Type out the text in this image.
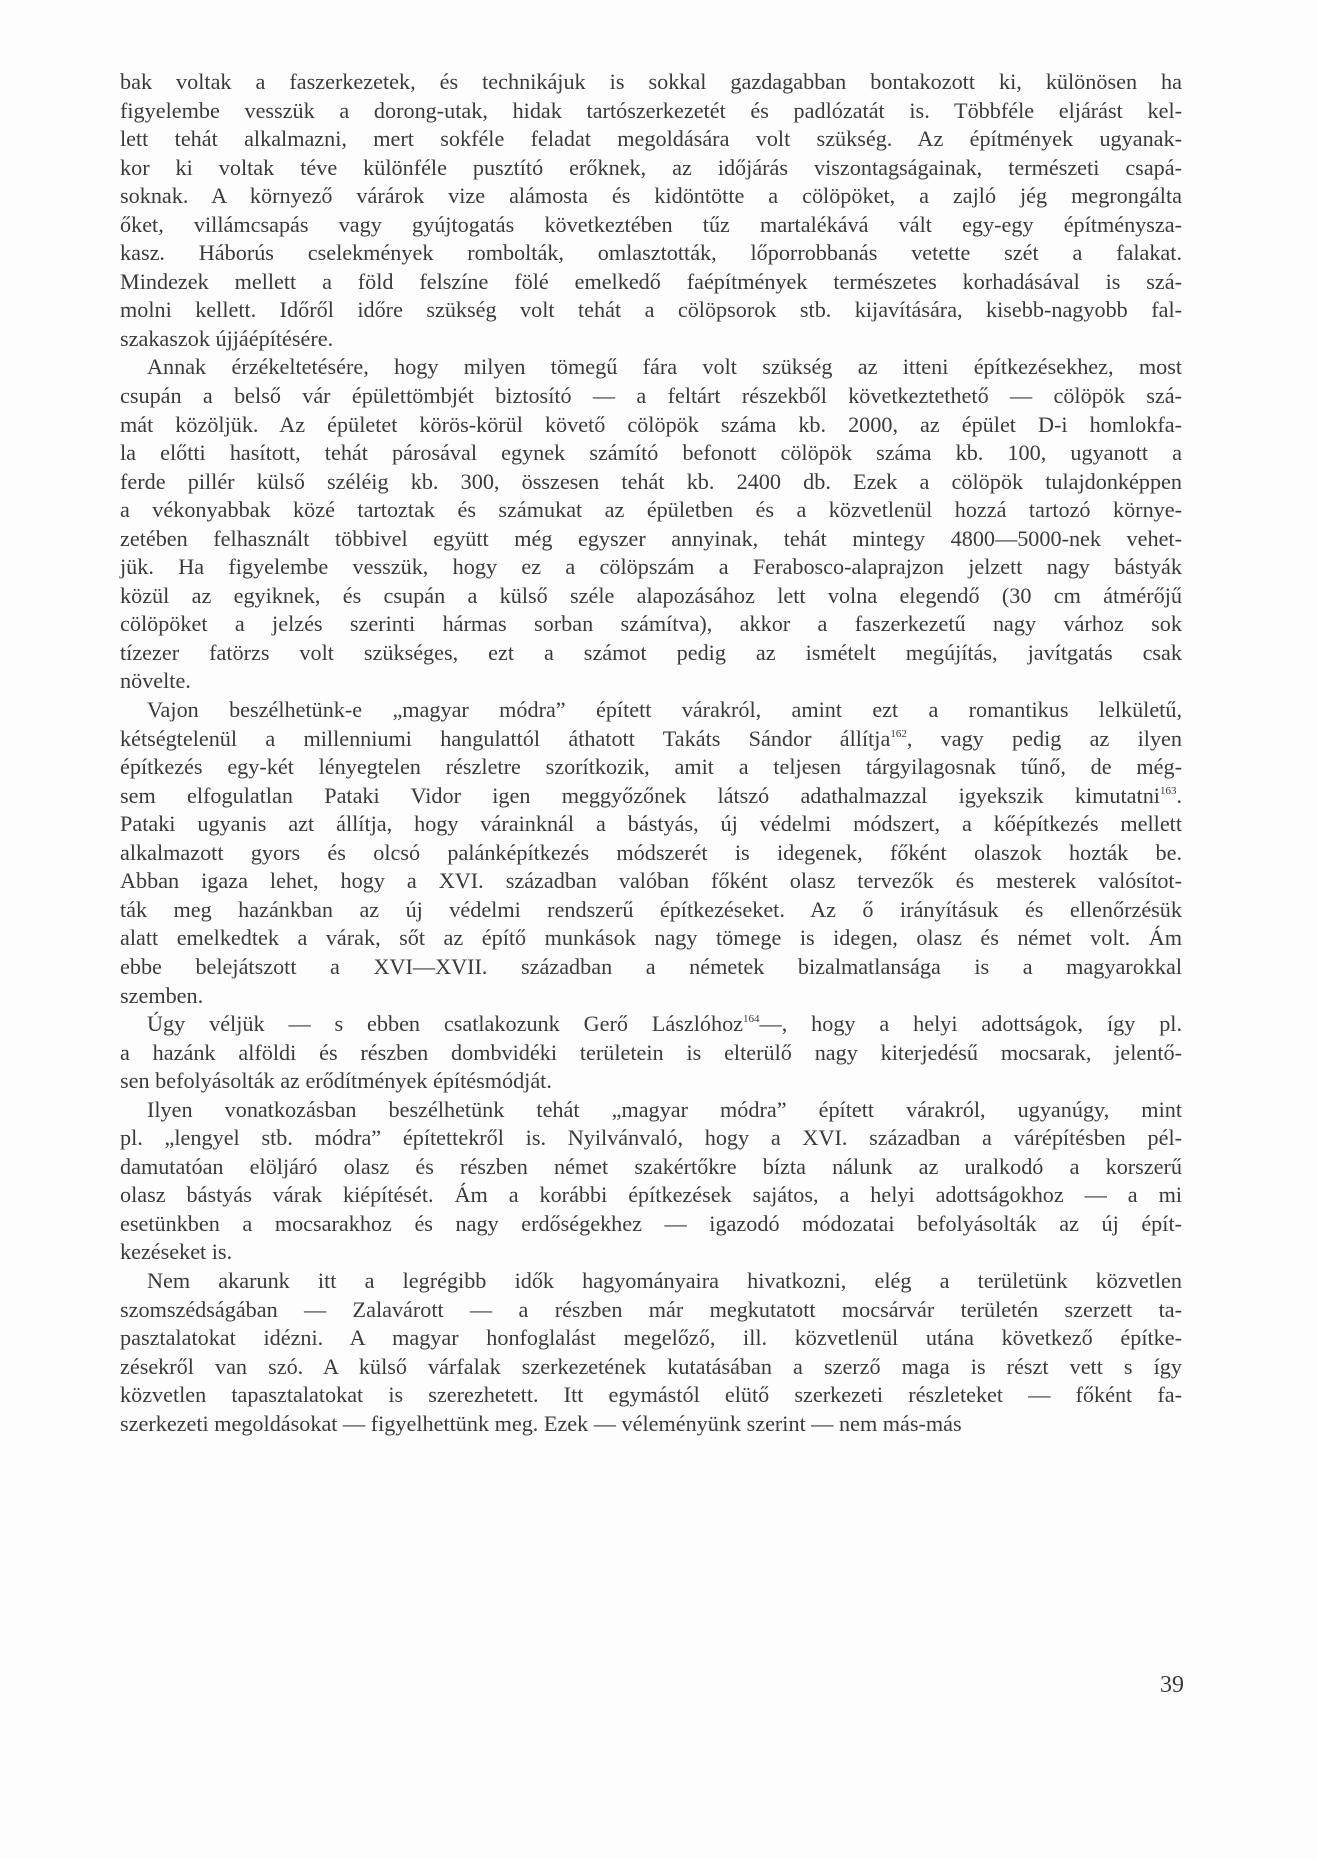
bak voltak a faszerkezetek, és technikájuk is sokkal gazdagabban bontakozott ki, különösen ha
figyelembe vesszük a dorong-utak, hidak tartószerkezetét és padlózatát is. Többféle eljárást kel-
lett tehát alkalmazni, mert sokféle feladat megoldására volt szükség. Az építmények ugyanak-
kor ki voltak téve különféle pusztító erőknek, az időjárás viszontagságainak, természeti csapá-
soknak. A környező várárok vize alámosta és kidöntötte a cölöpöket, a zajló jég megrongálta
őket, villámcsapás vagy gyújtogatás következtében tűz martalékává vált egy-egy építménysza-
kasz. Háborús cselekmények rombolták, omlasztották, lőporrobbanás vetette szét a falakat.
Mindezek mellett a föld felszíne fölé emelkedő faépítmények természetes korhadásával is szá-
molni kellett. Időről időre szükség volt tehát a cölöpsorok stb. kijavítására, kisebb-nagyobb fal-
szakaszok újjáépítésére.
Annak érzékeltetésére, hogy milyen tömegű fára volt szükség az itteni építkezésekhez, most
csupán a belső vár épülettömbjét biztosító — a feltárt részekből következtethető — cölöpök szá-
mát közöljük. Az épületet körös-körül követő cölöpök száma kb. 2000, az épület D-i homlokfa-
la előtti hasított, tehát párosával egynek számító befonott cölöpök száma kb. 100, ugyanott a
ferde pillér külső széléig kb. 300, összesen tehát kb. 2400 db. Ezek a cölöpök tulajdonképpen
a vékonyabbak közé tartoztak és számukat az épületben és a közvetlenül hozzá tartozó környe-
zetében felhasznált többivel együtt még egyszer annyinak, tehát mintegy 4800—5000-nek vehet-
jük. Ha figyelembe vesszük, hogy ez a cölöpszám a Ferabosco-alaprajzon jelzett nagy bástyák
közül az egyiknek, és csupán a külső széle alapozásához lett volna elegendő (30 cm átmérőjű
cölöpöket a jelzés szerinti hármas sorban számítva), akkor a faszerkezetű nagy várhoz sok
tízezer fatörzs volt szükséges, ezt a számot pedig az ismételt megújítás, javítgatás csak
növelte.
Vajon beszélhetünk-e „magyar módra” épített várakról, amint ezt a romantikus lelkületű,
kétségtelenül a millenniumi hangulattól áthatott Takáts Sándor állítja$^{162}$, vagy pedig az ilyen
építkezés egy-két lényegtelen részletre szorítkozik, amit a teljesen tárgyilagosnak tűnő, de még-
sem elfogulatlan Pataki Vidor igen meggyőzőnek látszó adathalmazzal igyekszik kimutatni$^{163}$.
Pataki ugyanis azt állítja, hogy várainknál a bástyás, új védelmi módszert, a kőépítkezés mellett
alkalmazott gyors és olcsó palánképítkezés módszerét is idegenek, főként olaszok hozták be.
Abban igaza lehet, hogy a XVI. században valóban főként olasz tervezők és mesterek valósítot-
ták meg hazánkban az új védelmi rendszerű építkezéseket. Az ő irányításuk és ellenőrzésük
alatt emelkedtek a várak, sőt az építő munkások nagy tömege is idegen, olasz és német volt. Ám
ebbe belejátszott a XVI—XVII. században a németek bizalmatlansága is a magyarokkal
szemben.
Úgy véljük — s ebben csatlakozunk Gerő Lászlóhoz$^{164}$—, hogy a helyi adottságok, így pl.
a hazánk alföldi és részben dombvidéki területein is elterülő nagy kiterjedésű mocsarak, jelentő-
sen befolyásolták az erődítmények építésmódját.
Ilyen vonatkozásban beszélhetünk tehát „magyar módra” épített várakról, ugyanúgy, mint
pl. „lengyel stb. módra” építettekről is. Nyilvánvaló, hogy a XVI. században a várépítésben pél-
damutatóan elöljáró olasz és részben német szakértőkre bízta nálunk az uralkodó a korszerű
olasz bástyás várak kiépítését. Ám a korábbi építkezések sajátos, a helyi adottságokhoz — a mi
esetünkben a mocsarakhoz és nagy erdőségekhez — igazodó módozatai befolyásolták az új épít-
kezéseket is.
Nem akarunk itt a legrégibb idők hagyományaira hivatkozni, elég a területünk közvetlen
szomszédságában — Zalavárott — a részben már megkutatott mocsárvár területén szerzett ta-
pasztalatokat idézni. A magyar honfoglalást megelőző, ill. közvetlenül utána következő építke-
zésekről van szó. A külső várfalak szerkezetének kutatásában a szerző maga is részt vett s így
közvetlen tapasztalatokat is szerezhetett. Itt egymástól elütő szerkezeti részleteket — főként fa-
szerkezeti megoldásokat — figyelhettünk meg. Ezek — véleményünk szerint — nem más-más
39
